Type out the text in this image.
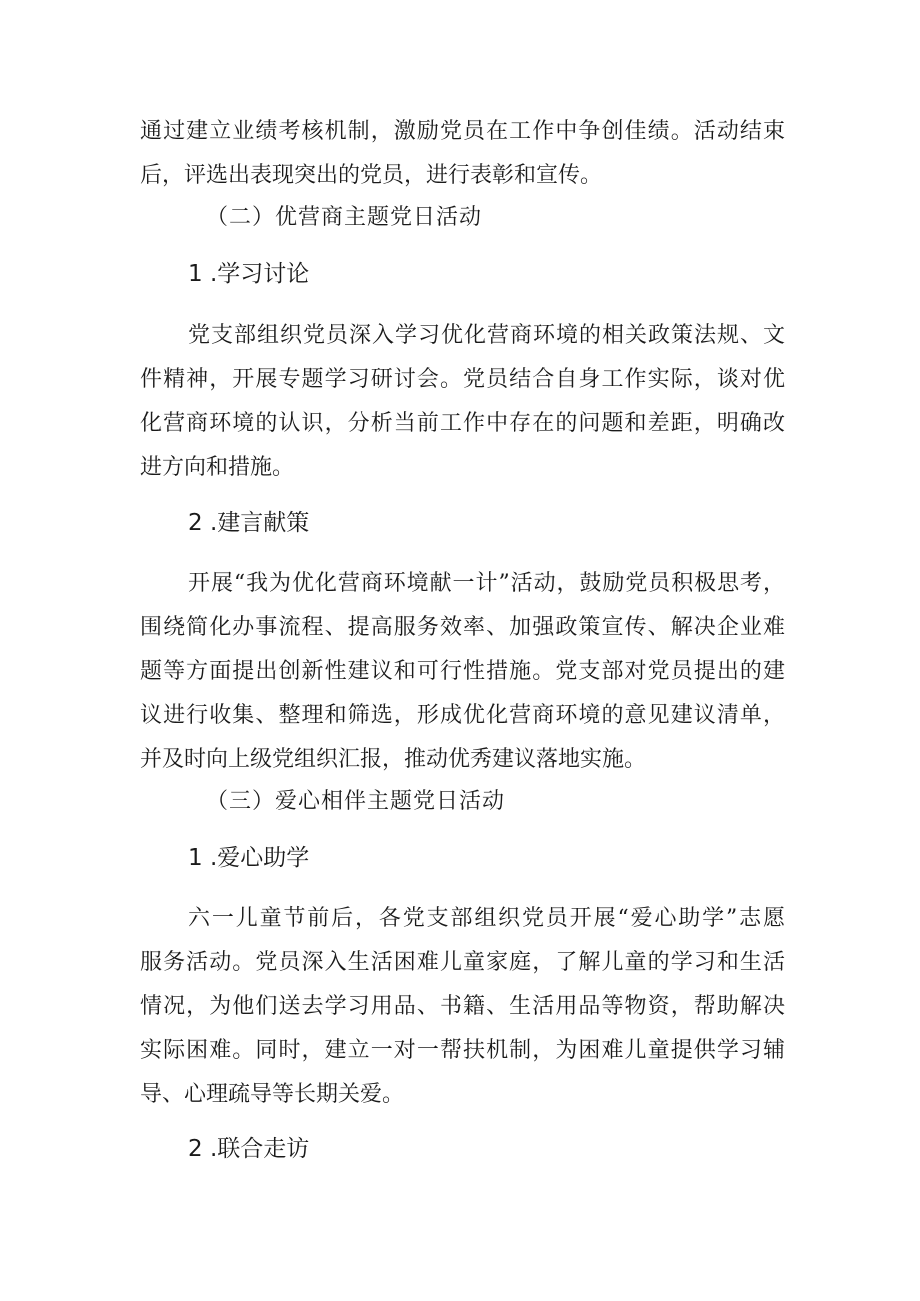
通过建立业绩考核机制，激励党员在工作中争创佳绩。活动结束
后，评选出表现突出的党员，进行表彰和宣传。
（二）优营商主题党日活动
1 .学习讨论
党支部组织党员深入学习优化营商环境的相关政策法规、文
件精神，开展专题学习研讨会。党员结合自身工作实际，谈对优
化营商环境的认识，分析当前工作中存在的问题和差距，明确改
进方向和措施。
2 .建言献策
开展“我为优化营商环境献一计”活动，鼓励党员积极思考，
围绕简化办事流程、提高服务效率、加强政策宣传、解决企业难
题等方面提出创新性建议和可行性措施。党支部对党员提出的建
议进行收集、整理和筛选，形成优化营商环境的意见建议清单，
并及时向上级党组织汇报，推动优秀建议落地实施。
（三）爱心相伴主题党日活动
1 .爱心助学
六一儿童节前后，各党支部组织党员开展“爱心助学”志愿
服务活动。党员深入生活困难儿童家庭，了解儿童的学习和生活
情况，为他们送去学习用品、书籍、生活用品等物资，帮助解决
实际困难。同时，建立一对一帮扶机制，为困难儿童提供学习辅
导、心理疏导等长期关爱。
2 .联合走访
